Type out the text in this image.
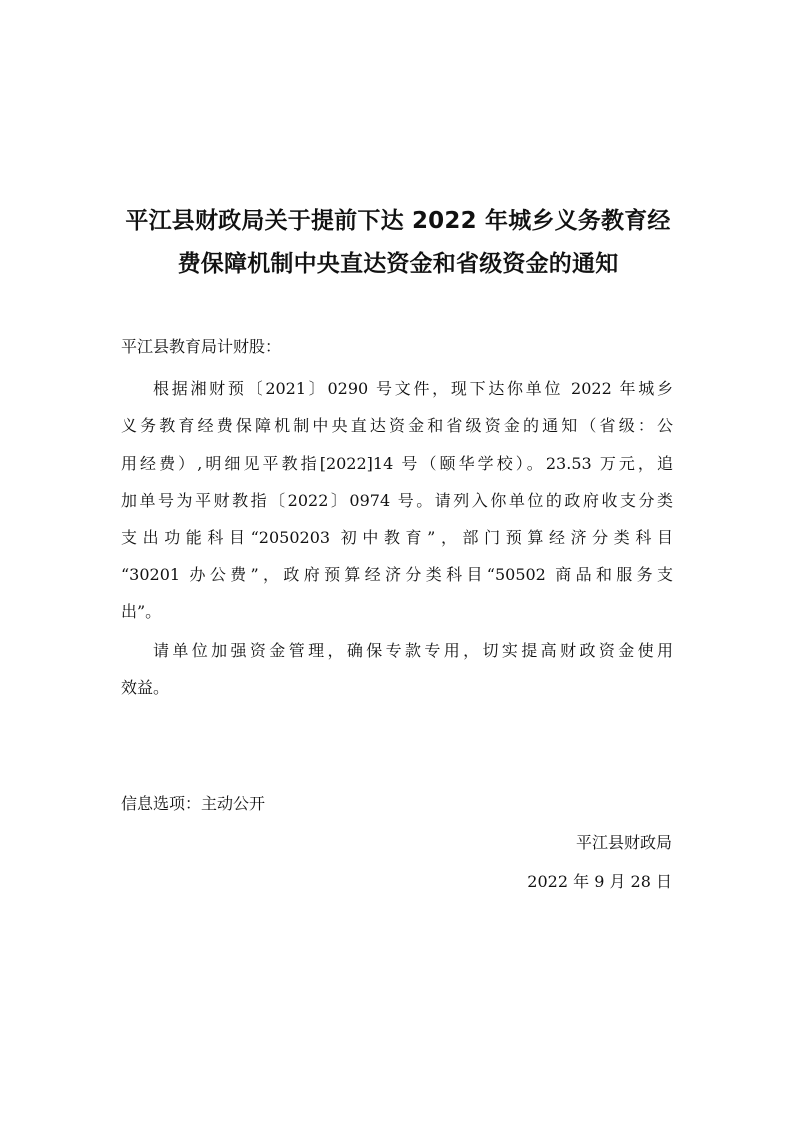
平江县财政局关于提前下达 2022 年城乡义务教育经
费保障机制中央直达资金和省级资金的通知
平江县教育局计财股：
根据湘财预〔2021〕0290 号文件，现下达你单位 2022 年城乡
义务教育经费保障机制中央直达资金和省级资金的通知（省级：公
用经费）,明细见平教指[2022]14 号（颐华学校）。23.53 万元，追
加单号为平财教指〔2022〕0974 号。请列入你单位的政府收支分类
支出功能科目“2050203 初中教育”，部门预算经济分类科目
“30201 办公费”，政府预算经济分类科目“50502 商品和服务支
出”。
请单位加强资金管理，确保专款专用，切实提高财政资金使用
效益。
信息选项：主动公开
平江县财政局
2022 年 9 月 28 日
